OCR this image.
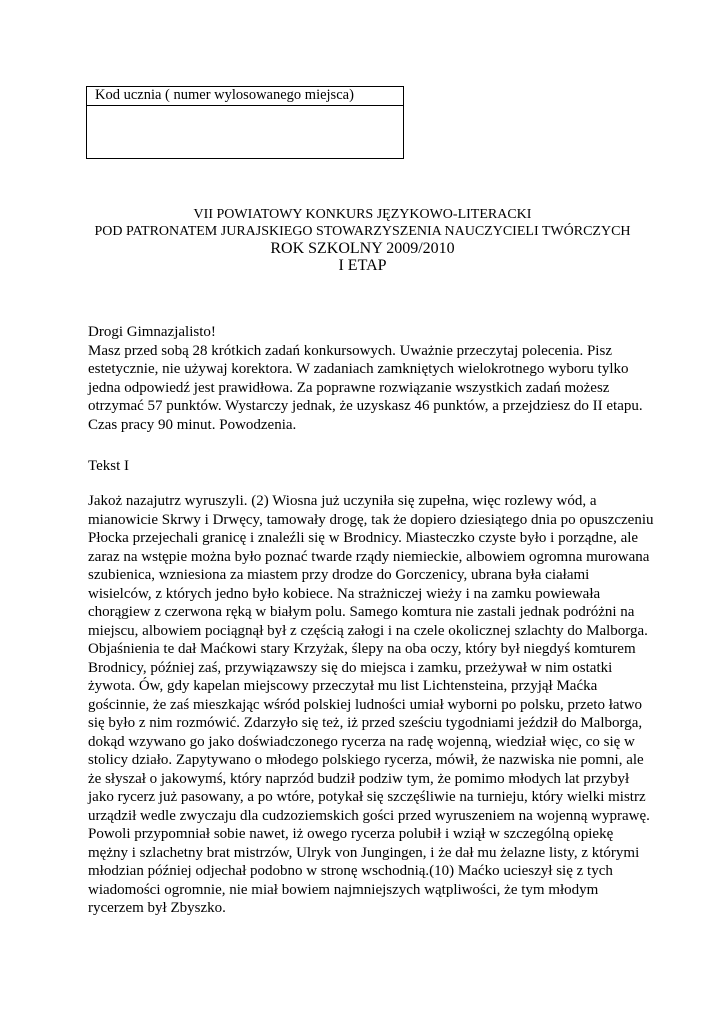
Kod ucznia ( numer wylosowanego miejsca)
VII POWIATOWY KONKURS JĘZYKOWO-LITERACKI
POD PATRONATEM JURAJSKIEGO STOWARZYSZENIA NAUCZYCIELI TWÓRCZYCH
ROK SZKOLNY 2009/2010
I ETAP
Drogi Gimnazjalisto!
Masz przed sobą 28 krótkich zadań konkursowych. Uważnie przeczytaj polecenia. Pisz
estetycznie, nie używaj korektora. W zadaniach zamkniętych wielokrotnego wyboru tylko
jedna odpowiedź jest prawidłowa. Za poprawne rozwiązanie wszystkich zadań możesz
otrzymać 57 punktów. Wystarczy jednak, że uzyskasz 46 punktów, a przejdziesz do II etapu.
Czas pracy 90 minut. Powodzenia.
Tekst I
Jakoż nazajutrz wyruszyli. (2) Wiosna już uczyniła się zupełna, więc rozlewy wód, a
mianowicie Skrwy i Drwęcy, tamowały drogę, tak że dopiero dziesiątego dnia po opuszczeniu
Płocka przejechali granicę i znaleźli się w Brodnicy. Miasteczko czyste było i porządne, ale
zaraz na wstępie można było poznać twarde rządy niemieckie, albowiem ogromna murowana
szubienica, wzniesiona za miastem przy drodze do Gorczenicy, ubrana była ciałami
wisielców, z których jedno było kobiece. Na strażniczej wieży i na zamku powiewała
chorągiew z czerwona ręką w białym polu. Samego komtura nie zastali jednak podróżni na
miejscu, albowiem pociągnął był z częścią załogi i na czele okolicznej szlachty do Malborga.
Objaśnienia te dał Maćkowi stary Krzyżak, ślepy na oba oczy, który był niegdyś komturem
Brodnicy, później zaś, przywiązawszy się do miejsca i zamku, przeżywał w nim ostatki
żywota. Ów, gdy kapelan miejscowy przeczytał mu list Lichtensteina, przyjął Maćka
gościnnie, że zaś mieszkając wśród polskiej ludności umiał wyborni po polsku, przeto łatwo
się było z nim rozmówić. Zdarzyło się też, iż przed sześciu tygodniami jeździł do Malborga,
dokąd wzywano go jako doświadczonego rycerza na radę wojenną, wiedział więc, co się w
stolicy działo. Zapytywano o młodego polskiego rycerza, mówił, że nazwiska nie pomni, ale
że słyszał o jakowymś, który naprzód budził podziw tym, że pomimo młodych lat przybył
jako rycerz już pasowany, a po wtóre, potykał się szczęśliwie na turnieju, który wielki mistrz
urządził wedle zwyczaju dla cudzoziemskich gości przed wyruszeniem na wojenną wyprawę.
Powoli przypomniał sobie nawet, iż owego rycerza polubił i wziął w szczególną opiekę
mężny i szlachetny brat mistrzów, Ulryk von Jungingen, i że dał mu żelazne listy, z którymi
młodzian później odjechał podobno w stronę wschodnią.(10) Maćko ucieszył się z tych
wiadomości ogromnie, nie miał bowiem najmniejszych wątpliwości, że tym młodym
rycerzem był Zbyszko.
